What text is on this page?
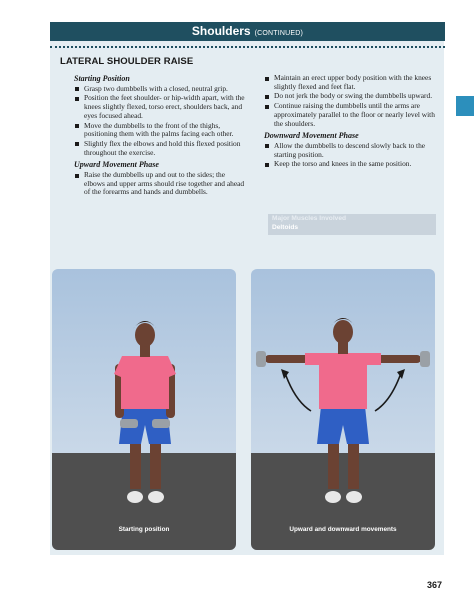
Shoulders (CONTINUED)
LATERAL SHOULDER RAISE
Starting Position
Grasp two dumbbells with a closed, neutral grip.
Position the feet shoulder- or hip-width apart, with the knees slightly flexed, torso erect, shoulders back, and eyes focused ahead.
Move the dumbbells to the front of the thighs, positioning them with the palms facing each other.
Slightly flex the elbows and hold this flexed position throughout the exercise.
Upward Movement Phase
Raise the dumbbells up and out to the sides; the elbows and upper arms should rise together and ahead of the forearms and hands and dumbbells.
Maintain an erect upper body position with the knees slightly flexed and feet flat.
Do not jerk the body or swing the dumbbells upward.
Continue raising the dumbbells until the arms are approximately parallel to the floor or nearly level with the shoulders.
Downward Movement Phase
Allow the dumbbells to descend slowly back to the starting position.
Keep the torso and knees in the same position.
Major Muscles Involved
Deltoids
Starting position	Upward and downward movements
367
